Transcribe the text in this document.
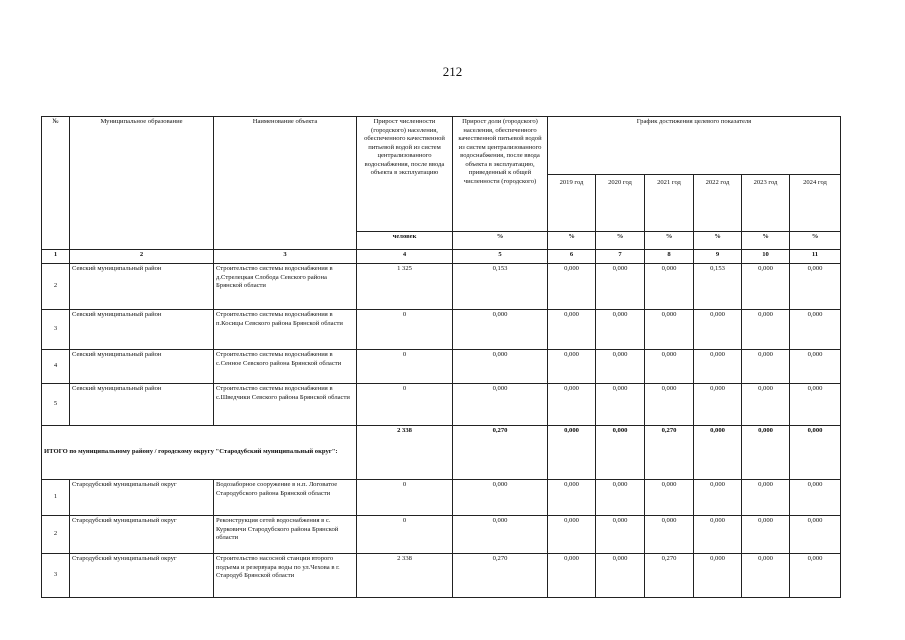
212
№	Муниципальное образование	Наименование объекта	Прирост численности (городского) населения, обеспеченного качественной питьевой водой из систем централизованного водоснабжения, после ввода объекта в эксплуатацию	Прирост доли (городского) населения, обеспеченного качественной питьевой водой из систем централизованного водоснабжения, после ввода объекта в эксплуатацию, приведенный к общей численности (городского)	График достижения целевого показателя					
					2019 год	2020 год	2021 год	2022 год	2023 год	2024 год
			человек	%	%	%	%	%	%	%
1	2	3	4	5	6	7	8	9	10	11
2	Севский муниципальный район	Строительство системы водоснабжения в д.Стрелецкая Слобода Севского района Брянской области	1 325	0,153	0,000	0,000	0,000	0,153	0,000	0,000
3	Севский муниципальный район	Строительство системы водоснабжения в п.Косицы Севского района Брянской области	0	0,000	0,000	0,000	0,000	0,000	0,000	0,000
4	Севский муниципальный район	Строительство системы водоснабжения в с.Сенное Севского района Брянской области	0	0,000	0,000	0,000	0,000	0,000	0,000	0,000
5	Севский муниципальный район	Строительство системы водоснабжения в с.Шведчики Севского района Брянской области	0	0,000	0,000	0,000	0,000	0,000	0,000	0,000
ИТОГО по муниципальному району / городскому округу "Стародубский муниципальный округ":			2 338	0,270	0,000	0,000	0,270	0,000	0,000	0,000
1	Стародубский муниципальный округ	Водозаборное сооружение в н.п. Логоватое Стародубского района Брянской области	0	0,000	0,000	0,000	0,000	0,000	0,000	0,000
2	Стародубский муниципальный округ	Реконструкция сетей водоснабжения в с. Курковичи Стародубского района Брянской области	0	0,000	0,000	0,000	0,000	0,000	0,000	0,000
3	Стародубский муниципальный округ	Строительство насосной станции второго подъема и резервуара воды по ул.Чехова в г. Стародуб Брянской области	2 338	0,270	0,000	0,000	0,270	0,000	0,000	0,000
